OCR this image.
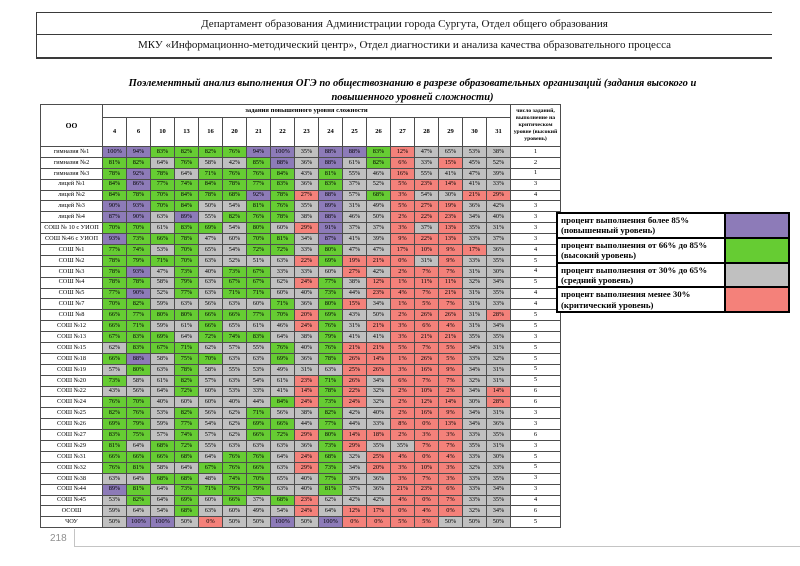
Департамент образования Администрации города Сургута, Отдел общего образования
МКУ «Информационно-методический центр», Отдел диагностики и анализа качества образовательного процесса
Поэлементный анализ выполнения ОГЭ по обществознанию в разрезе образовательных организаций (задания высокого и повышенного уровней сложности)
ОО	задания повышенного уровня сложности																	число заданий, выполнение на критическом уровне (высокий уровень)
	4	6	10	13	16	20	21	22	23	24	25	26	27	28	29	30	31	
гимназия №1	100%	94%	83%	82%	82%	76%	94%	100%	35%	88%	88%	83%	12%	47%	65%	53%	38%	1
гимназия №2	81%	82%	64%	76%	58%	42%	85%	88%	36%	88%	61%	82%	6%	33%	15%	45%	52%	2
гимназия №3	78%	92%	78%	64%	71%	76%	76%	84%	43%	81%	55%	46%	16%	55%	41%	47%	39%	1
лицей №1	84%	86%	77%	74%	84%	78%	77%	83%	36%	83%	37%	52%	5%	23%	14%	41%	33%	3
лицей №2	84%	78%	70%	84%	78%	68%	92%	78%	27%	88%	57%	68%	3%	54%	30%	21%	29%	4
лицей №3	90%	93%	70%	84%	50%	54%	81%	76%	35%	89%	31%	49%	5%	27%	19%	36%	42%	3
лицей №4	87%	90%	63%	89%	55%	82%	76%	78%	38%	88%	46%	50%	2%	22%	23%	34%	40%	3
СОШ № 10 с УИОП	70%	70%	61%	83%	69%	54%	80%	60%	29%	91%	37%	37%	3%	37%	13%	35%	31%	3
СОШ №46 с УИОП	93%	73%	66%	78%	47%	60%	70%	81%	34%	87%	41%	39%	9%	22%	13%	33%	37%	3
СОШ №1	77%	74%	53%	70%	65%	54%	72%	72%	33%	80%	47%	47%	17%	10%	9%	17%	36%	4
СОШ №2	78%	79%	71%	70%	63%	52%	51%	63%	22%	69%	19%	21%	0%	31%	9%	33%	35%	5
СОШ №3	78%	93%	47%	73%	40%	73%	67%	33%	33%	60%	27%	42%	2%	7%	7%	31%	30%	4
СОШ №4	78%	78%	58%	79%	63%	67%	67%	62%	24%	77%	38%	12%	1%	11%	11%	32%	34%	5
СОШ №5	77%	90%	52%	77%	63%	71%	71%	60%	40%	73%	44%	23%	4%	7%	21%	31%	35%	4
СОШ №7	70%	82%	59%	63%	56%	63%	60%	71%	36%	80%	15%	34%	1%	5%	7%	31%	33%	4
СОШ №8	66%	77%	80%	80%	66%	66%	77%	70%	20%	69%	43%	50%	2%	26%	26%	31%	28%	5
СОШ №12	66%	71%	59%	61%	66%	65%	61%	46%	24%	76%	31%	21%	3%	6%	4%	31%	34%	5
СОШ №13	67%	83%	69%	64%	72%	74%	83%	64%	38%	79%	41%	41%	3%	21%	21%	35%	35%	3
СОШ №15	62%	83%	67%	71%	62%	57%	55%	76%	40%	76%	21%	21%	5%	7%	5%	34%	31%	5
СОШ №18	66%	88%	58%	75%	70%	63%	63%	69%	36%	78%	26%	14%	1%	26%	5%	33%	32%	5
СОШ №19	57%	80%	63%	78%	58%	55%	53%	49%	31%	63%	25%	26%	3%	16%	9%	34%	31%	5
СОШ №20	73%	58%	61%	82%	57%	63%	54%	61%	23%	71%	26%	34%	6%	7%	7%	32%	31%	5
СОШ №22	43%	56%	64%	72%	60%	53%	33%	41%	14%	78%	22%	32%	2%	10%	2%	34%	14%	6
СОШ №24	76%	70%	40%	60%	60%	40%	44%	84%	24%	73%	24%	32%	2%	12%	14%	30%	28%	6
СОШ №25	82%	76%	53%	82%	56%	62%	71%	56%	38%	82%	42%	40%	2%	16%	9%	34%	31%	3
СОШ №26	69%	79%	59%	77%	54%	62%	69%	66%	44%	77%	44%	33%	8%	0%	13%	34%	36%	3
СОШ №27	83%	75%	57%	74%	57%	62%	66%	72%	29%	80%	14%	18%	2%	3%	3%	33%	35%	6
СОШ №29	81%	64%	68%	72%	55%	63%	63%	63%	36%	73%	29%	35%	35%	7%	7%	35%	31%	3
СОШ №31	66%	66%	66%	68%	64%	76%	76%	64%	24%	68%	32%	25%	4%	0%	4%	33%	30%	5
СОШ №32	76%	81%	58%	64%	67%	76%	66%	63%	29%	73%	34%	20%	3%	10%	3%	32%	33%	5
СОШ №38	63%	64%	68%	68%	48%	74%	70%	65%	40%	77%	30%	36%	3%	7%	3%	33%	35%	3
СОШ №44	89%	81%	64%	73%	71%	79%	79%	63%	40%	81%	37%	36%	21%	23%	6%	33%	34%	3
СОШ №45	53%	82%	64%	69%	60%	66%	37%	68%	23%	62%	42%	42%	4%	0%	7%	33%	35%	4
ОСОШ	59%	64%	54%	68%	63%	60%	49%	54%	24%	64%	12%	17%	0%	4%	0%	32%	34%	6
ЧОУ	50%	100%	100%	50%	0%	50%	50%	100%	50%	100%	0%	0%	5%	5%	50%	50%	50%	5
процент выполнения более 85% (повышенный уровень)	
процент выполнения от 66% до 85% (высокий уровень)	
процент выполнения от 30% до 65% (средний уровень)	
процент выполнения менее 30% (критический уровень)	
218
